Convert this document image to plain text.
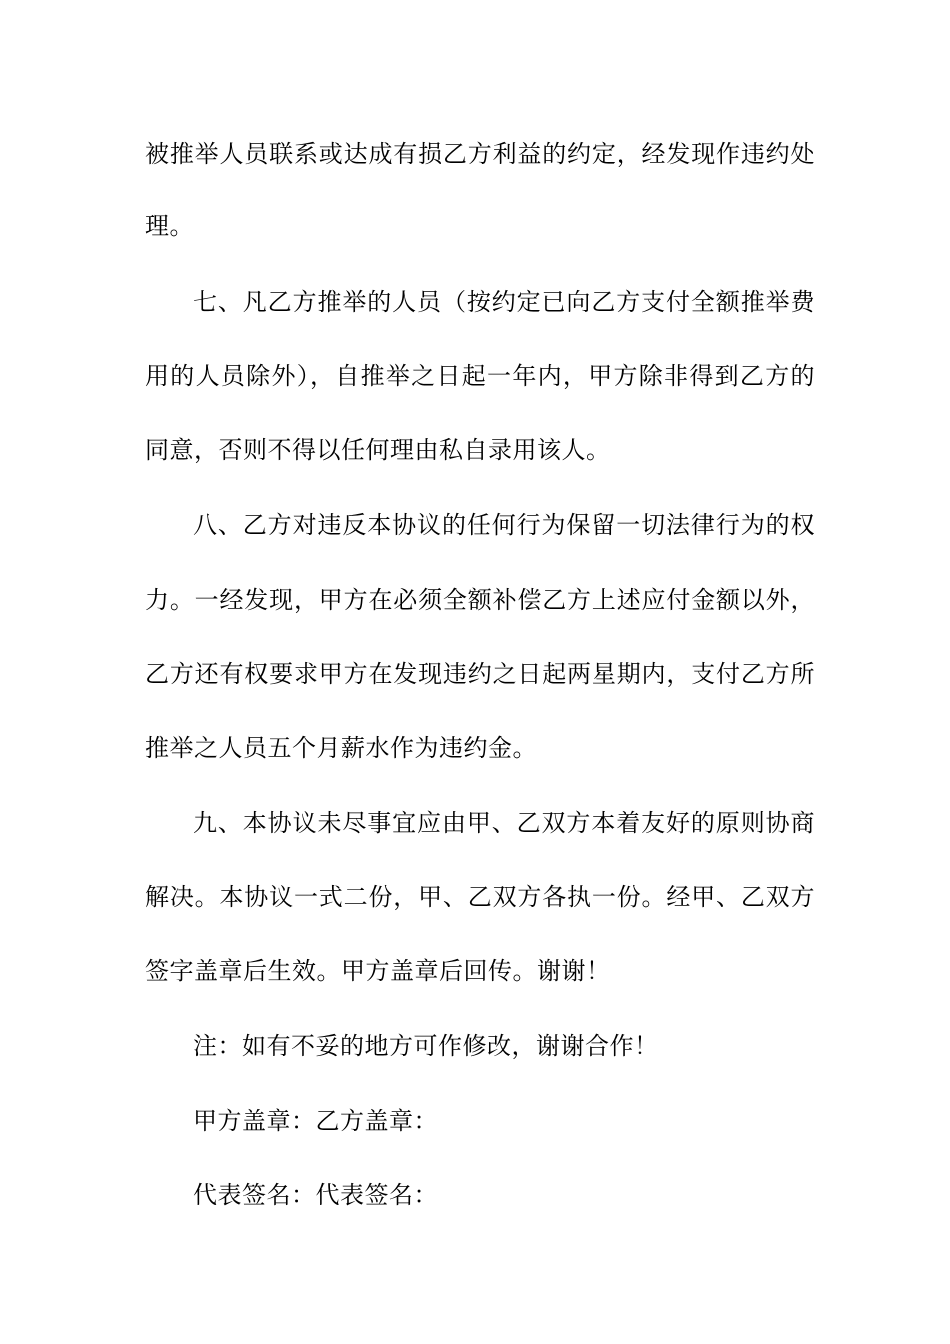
被推举人员联系或达成有损乙方利益的约定，经发现作违约处
理。
七、凡乙方推举的人员（按约定已向乙方支付全额推举费
用的人员除外），自推举之日起一年内，甲方除非得到乙方的
同意，否则不得以任何理由私自录用该人。
八、乙方对违反本协议的任何行为保留一切法律行为的权
力。一经发现，甲方在必须全额补偿乙方上述应付金额以外，
乙方还有权要求甲方在发现违约之日起两星期内，支付乙方所
推举之人员五个月薪水作为违约金。
九、本协议未尽事宜应由甲、乙双方本着友好的原则协商
解决。本协议一式二份，甲、乙双方各执一份。经甲、乙双方
签字盖章后生效。甲方盖章后回传。谢谢！
注：如有不妥的地方可作修改，谢谢合作！
甲方盖章：乙方盖章：
代表签名：代表签名：
